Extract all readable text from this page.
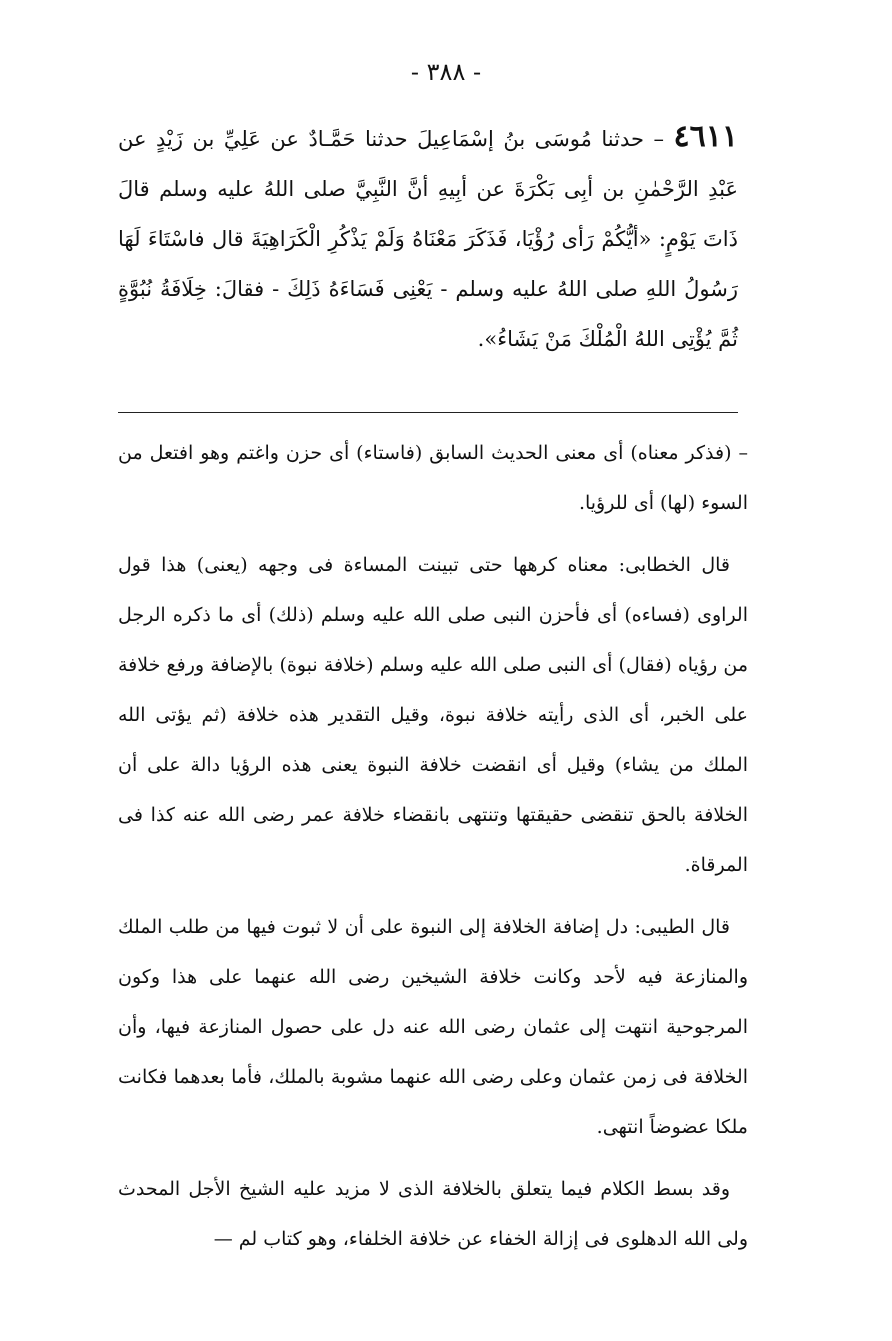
- ٣٨٨ -
٤٦١١ – حدثنا مُوسَى بنُ إسْمَاعِيلَ حدثنا حَمَّـادٌ عن عَلِيِّ بن زَيْدٍ عن عَبْدِ الرَّحْمٰنِ بن أبِى بَكْرَةَ عن أبِيهِ أنَّ النَّبِيَّ صلى اللهُ عليه وسلم قالَ ذَاتَ يَوْمٍ: «أيُّكُمْ رَأى رُؤْيَا، فَذَكَرَ مَعْنَاهُ وَلَمْ يَذْكُرِ الْكَرَاهِيَةَ قال فاسْتَاءَ لَهَا رَسُولُ اللهِ صلى اللهُ عليه وسلم - يَعْنِى فَسَاءَهُ ذَلِكَ - فقالَ: خِلَافَةُ نُبُوَّةٍ ثُمَّ يُؤْتِى اللهُ الْمُلْكَ مَنْ يَشَاءُ».

– (فذكر معناه) أى معنى الحديث السابق (فاستاء) أى حزن واغتم وهو افتعل من السوء (لها) أى للرؤيا.

قال الخطابى: معناه كرهها حتى تبينت المساءة فى وجهه (يعنى) هذا قول الراوى (فساءه) أى فأحزن النبى صلى الله عليه وسلم (ذلك) أى ما ذكره الرجل من رؤياه (فقال) أى النبى صلى الله عليه وسلم (خلافة نبوة) بالإضافة ورفع خلافة على الخبر، أى الذى رأيته خلافة نبوة، وقيل التقدير هذه خلافة (ثم يؤتى الله الملك من يشاء) وقيل أى انقضت خلافة النبوة يعنى هذه الرؤيا دالة على أن الخلافة بالحق تنقضى حقيقتها وتنتهى بانقضاء خلافة عمر رضى الله عنه كذا فى المرقاة.

قال الطيبى: دل إضافة الخلافة إلى النبوة على أن لا ثبوت فيها من طلب الملك والمنازعة فيه لأحد وكانت خلافة الشيخين رضى الله عنهما على هذا وكون المرجوحية انتهت إلى عثمان رضى الله عنه دل على حصول المنازعة فيها، وأن الخلافة فى زمن عثمان وعلى رضى الله عنهما مشوبة بالملك، فأما بعدهما فكانت ملكا عضوضاً انتهى.

وقد بسط الكلام فيما يتعلق بالخلافة الذى لا مزيد عليه الشيخ الأجل المحدث ولى الله الدهلوى فى إزالة الخفاء عن خلافة الخلفاء، وهو كتاب لم —
